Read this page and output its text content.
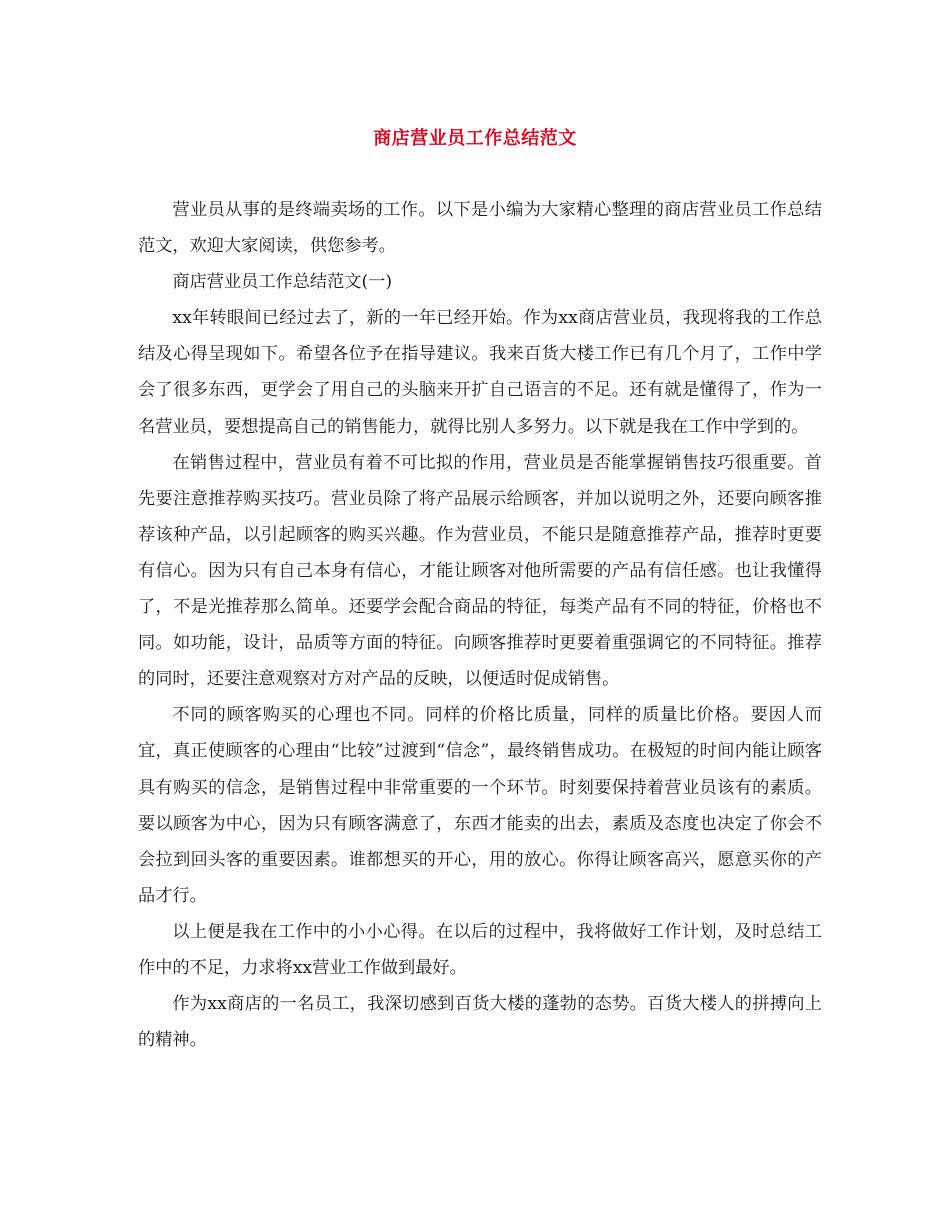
商店营业员工作总结范文

营业员从事的是终端卖场的工作。以下是小编为大家精心整理的商店营业员工作总结范文，欢迎大家阅读，供您参考。

商店营业员工作总结范文(一)

xx年转眼间已经过去了，新的一年已经开始。作为xx商店营业员，我现将我的工作总结及心得呈现如下。希望各位予在指导建议。我来百货大楼工作已有几个月了，工作中学会了很多东西，更学会了用自己的头脑来开扩自己语言的不足。还有就是懂得了，作为一名营业员，要想提高自己的销售能力，就得比别人多努力。以下就是我在工作中学到的。

在销售过程中，营业员有着不可比拟的作用，营业员是否能掌握销售技巧很重要。首先要注意推荐购买技巧。营业员除了将产品展示给顾客，并加以说明之外，还要向顾客推荐该种产品，以引起顾客的购买兴趣。作为营业员，不能只是随意推荐产品，推荐时更要有信心。因为只有自己本身有信心，才能让顾客对他所需要的产品有信任感。也让我懂得了，不是光推荐那么简单。还要学会配合商品的特征，每类产品有不同的特征，价格也不同。如功能，设计，品质等方面的特征。向顾客推荐时更要着重强调它的不同特征。推荐的同时，还要注意观察对方对产品的反映，以便适时促成销售。

不同的顾客购买的心理也不同。同样的价格比质量，同样的质量比价格。要因人而宜，真正使顾客的心理由“比较”过渡到“信念”，最终销售成功。在极短的时间内能让顾客具有购买的信念，是销售过程中非常重要的一个环节。时刻要保持着营业员该有的素质。要以顾客为中心，因为只有顾客满意了，东西才能卖的出去，素质及态度也决定了你会不会拉到回头客的重要因素。谁都想买的开心，用的放心。你得让顾客高兴，愿意买你的产品才行。

以上便是我在工作中的小小心得。在以后的过程中，我将做好工作计划，及时总结工作中的不足，力求将xx营业工作做到最好。

作为xx商店的一名员工，我深切感到百货大楼的蓬勃的态势。百货大楼人的拼搏向上的精神。
